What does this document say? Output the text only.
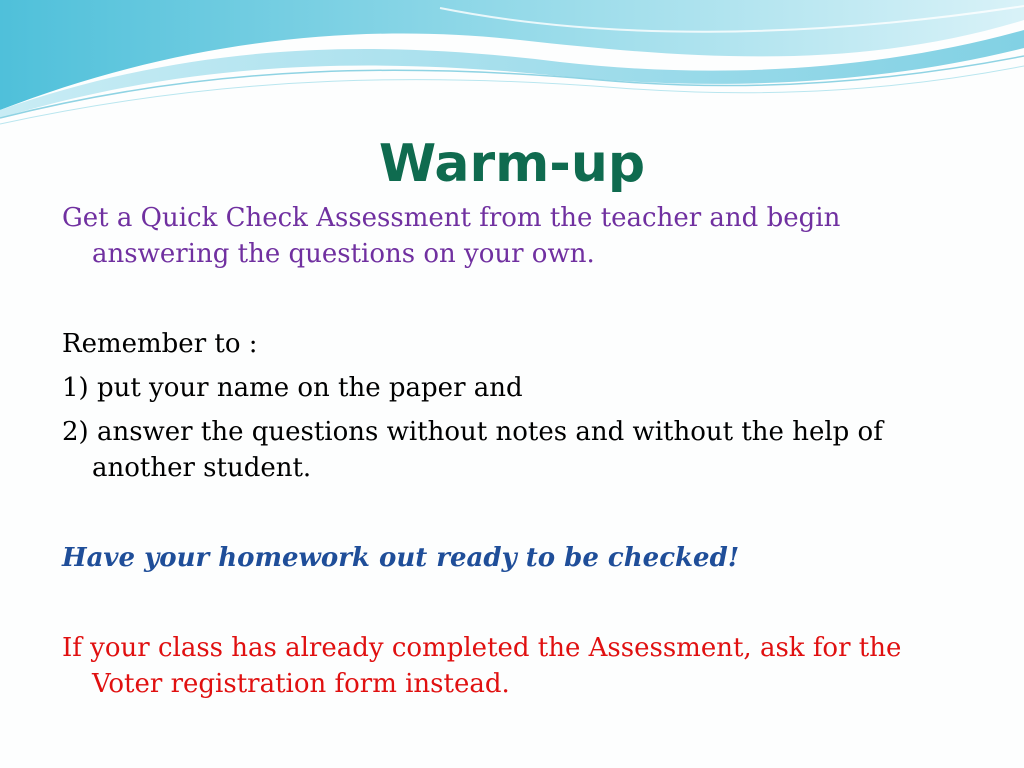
Warm-up

Get a Quick Check Assessment from the teacher and begin answering the questions on your own.

Remember to :

1) put your name on the paper and

2) answer the questions without notes and without the help of another student.

Have your homework out ready to be checked!

If your class has already completed the Assessment, ask for the Voter registration form instead.
